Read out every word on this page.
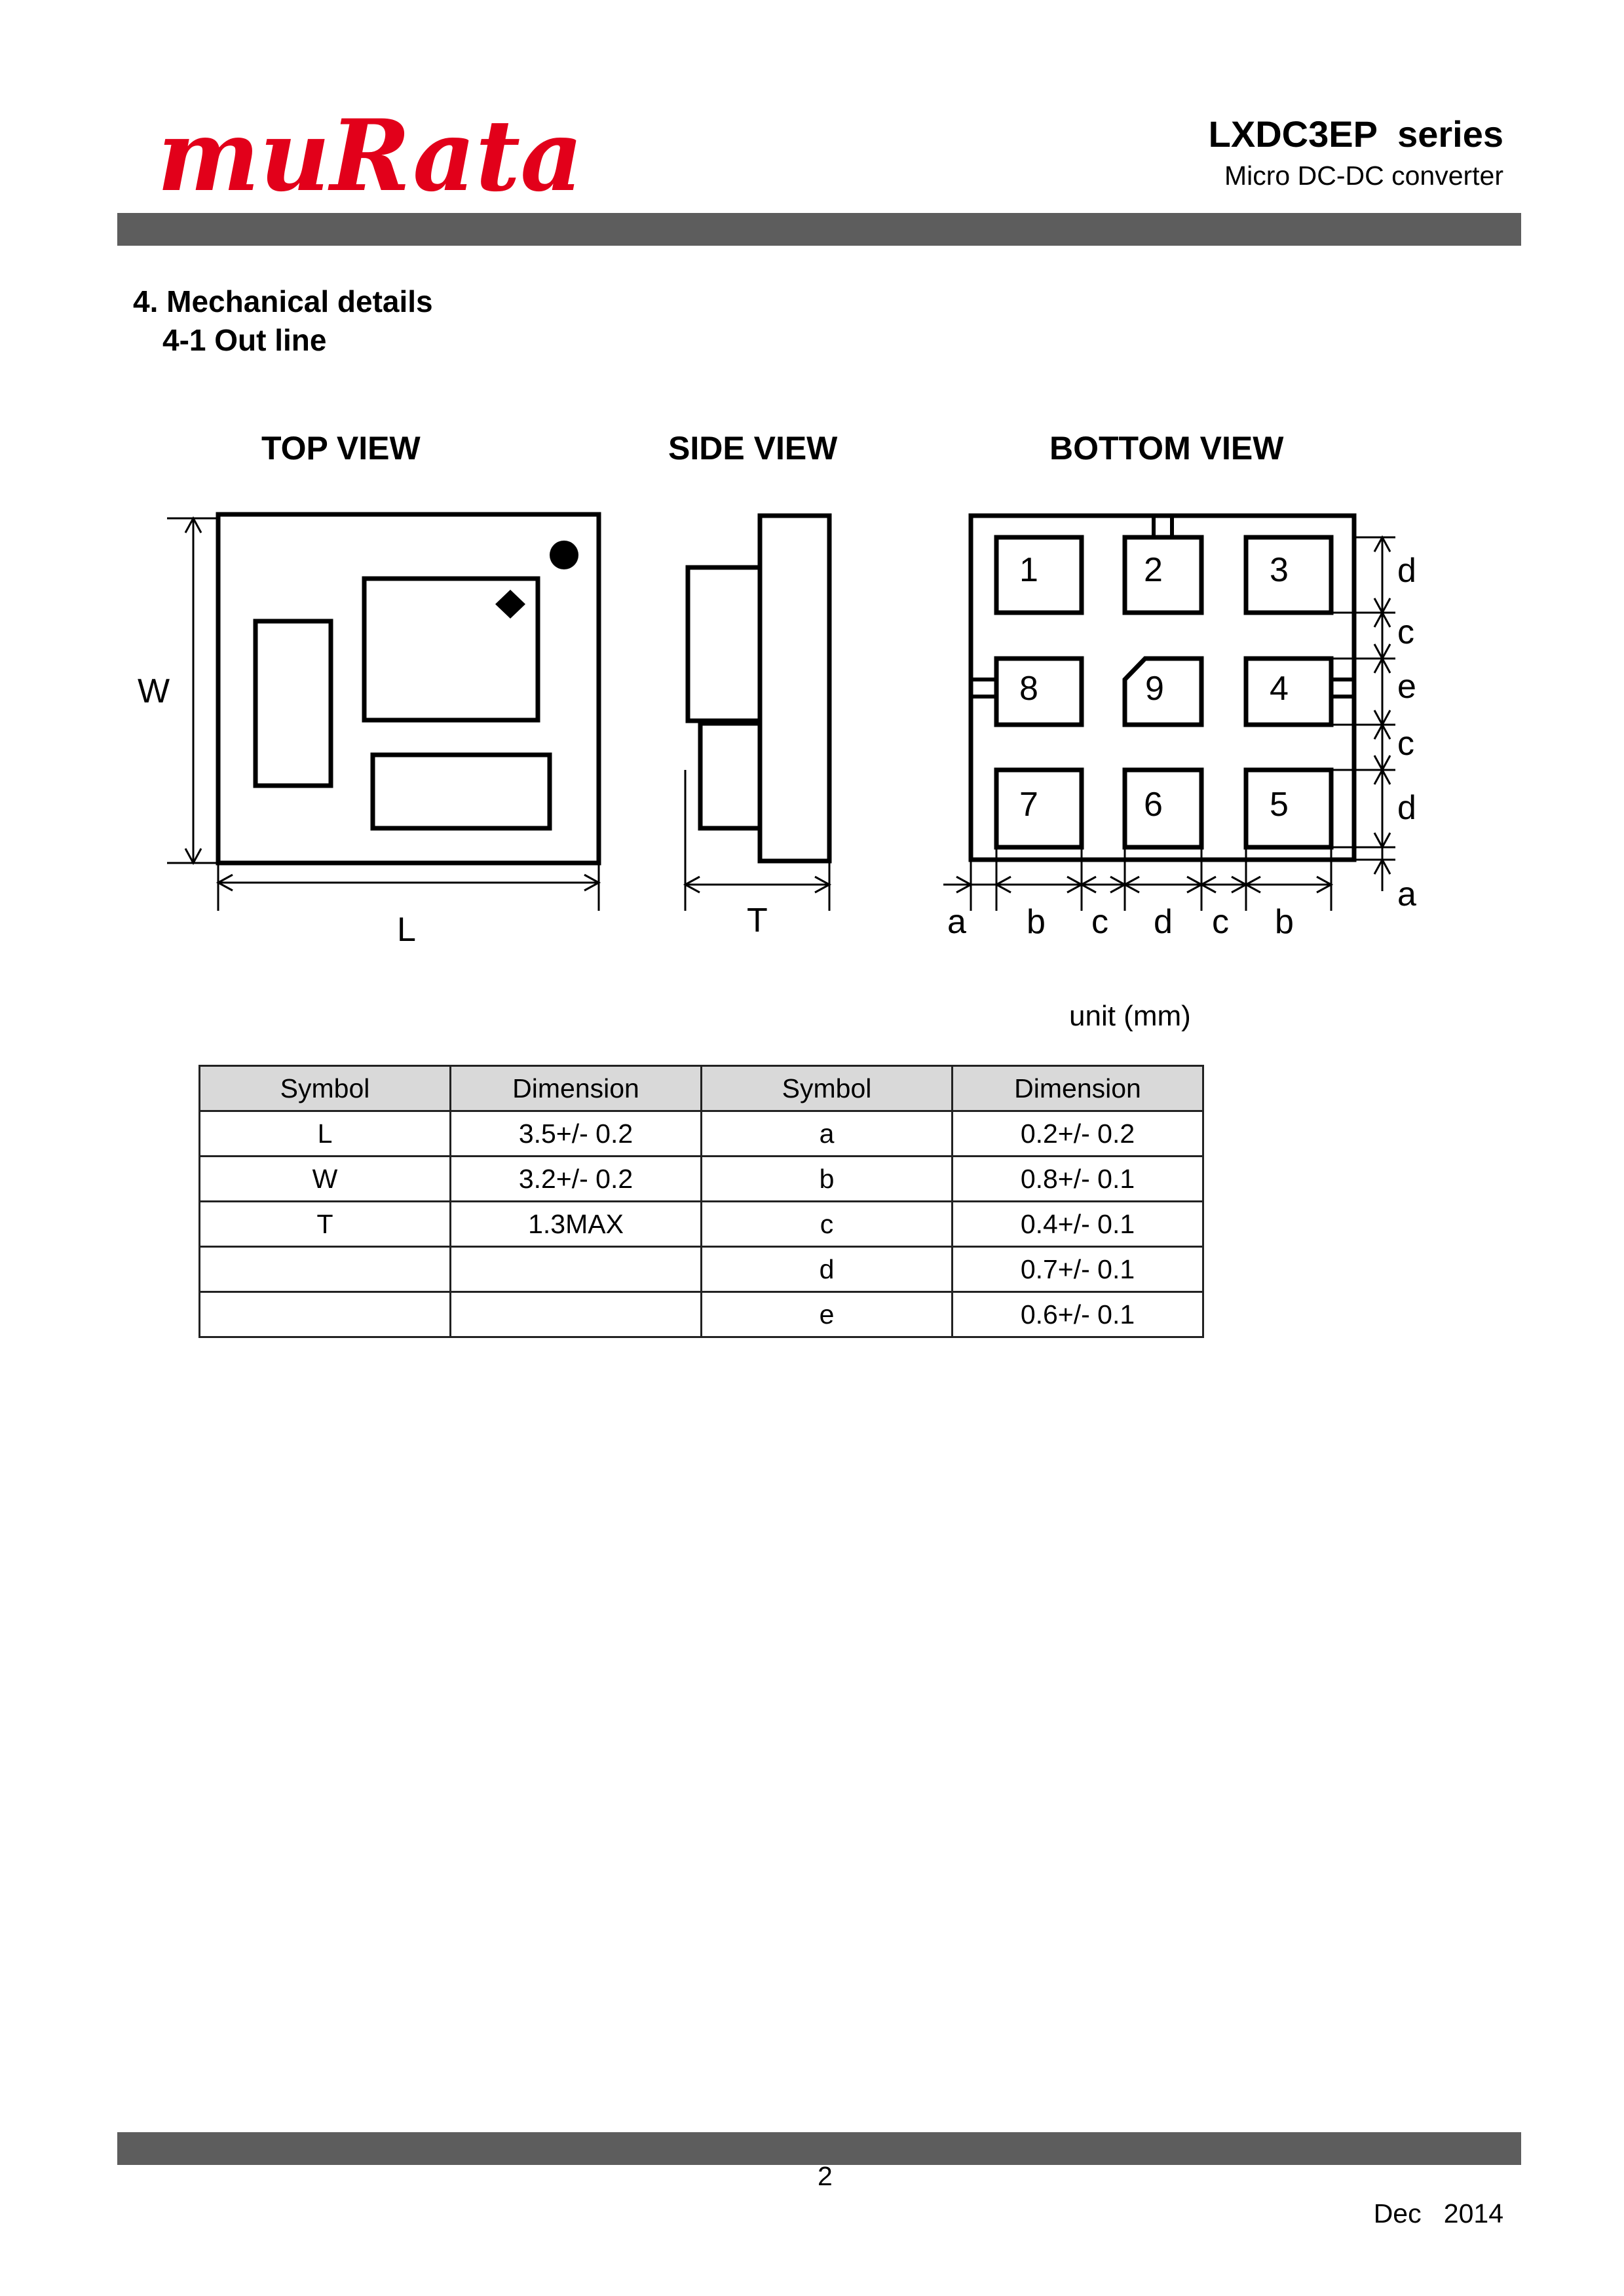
muRata	LXDC3EP  series
Micro DC-DC converter
4. Mechanical details
4-1 Out line
TOP VIEW	SIDE VIEW	BOTTOM VIEW
W
L	T	a b c d c b
d
c
e
c
d
a
1	2	3
4
5
6
7
8	9
unit (mm)
Symbol	Dimension	Symbol	Dimension
L	3.5+/- 0.2	a	0.2+/- 0.2
W	3.2+/- 0.2	b	0.8+/- 0.1
T	1.3MAX	c	0.4+/- 0.1
		d	0.7+/- 0.1
		e	0.6+/- 0.1
2
Dec   2014
